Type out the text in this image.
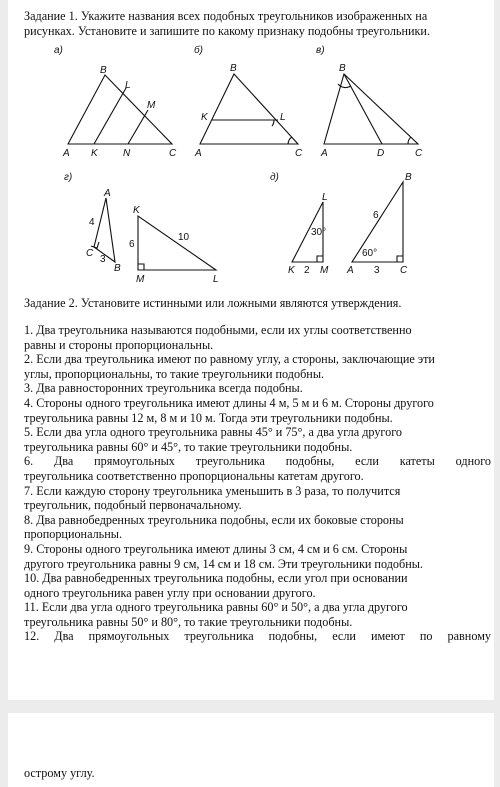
Задание 1. Укажите названия всех подобных треугольников изображенных на
рисунках. Установите и запишите по какому признаку подобны треугольники.
а)
B
L
M
A K	N	C
б)
B
K	L
A	C
в)
B
A	D	C
г)
A
4
C
3
B
K
6
10
M	L
д)
L
30°
K 2 M
B
6
60°
A 3 C
Задание 2. Установите истинными или ложными являются утверждения.
1. Два треугольника называются подобными, если их углы соответственно
равны и стороны пропорциональны.
2. Если два треугольника имеют по равному углу, а стороны, заключающие эти
углы, пропорциональны, то такие треугольники подобны.
3. Два равносторонних треугольника всегда подобны.
4. Стороны одного треугольника имеют длины 4 м, 5 м и 6 м. Стороны другого
треугольника равны 12 м, 8 м и 10 м. Тогда эти треугольники подобны.
5. Если два угла одного треугольника равны 45° и 75°, а два угла другого
треугольника равны 60° и 45°, то такие треугольники подобны.
6. Два прямоугольных треугольника подобны, если катеты одного
треугольника соответственно пропорциональны катетам другого.
7. Если каждую сторону треугольника уменьшить в 3 раза, то получится
треугольник, подобный первоначальному.
8. Два равнобедренных треугольника подобны, если их боковые стороны
пропорциональны.
9. Стороны одного треугольника имеют длины 3 см, 4 см и 6 см. Стороны
другого треугольника равны 9 см, 14 см и 18 см. Эти треугольники подобны.
10. Два равнобедренных треугольника подобны, если угол при основании
одного треугольника равен углу при основании другого.
11. Если два угла одного треугольника равны 60° и 50°, а два угла другого
треугольника равны 50° и 80°, то такие треугольники подобны.
12. Два прямоугольных треугольника подобны, если имеют по равному
острому углу.
